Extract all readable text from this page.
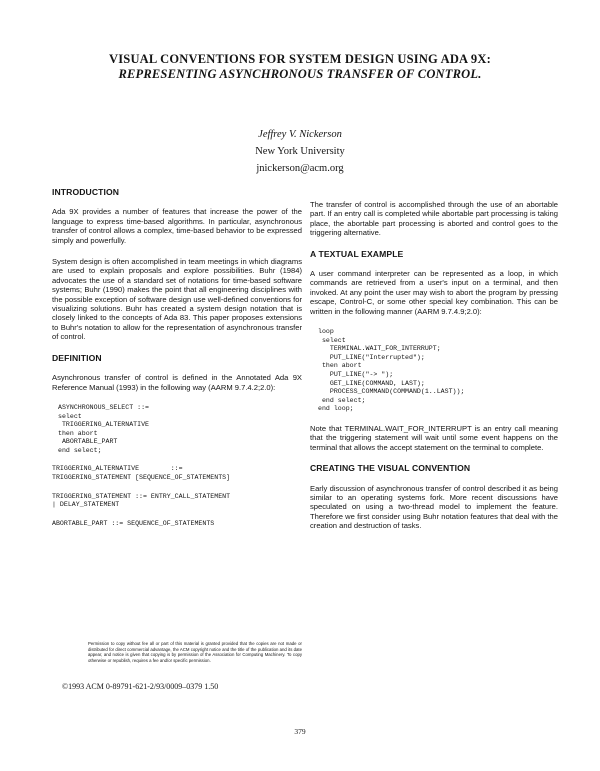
VISUAL CONVENTIONS FOR SYSTEM DESIGN USING ADA 9X:
REPRESENTING ASYNCHRONOUS TRANSFER OF CONTROL.
Jeffrey V. Nickerson
New York University
jnickerson@acm.org
INTRODUCTION

Ada 9X provides a number of features that increase the power of the language to express time-based algorithms. In particular, asynchronous transfer of control allows a complex, time-based behavior to be expressed simply and powerfully.

System design is often accomplished in team meetings in which diagrams are used to explain proposals and explore possibilities. Buhr (1984) advocates the use of a standard set of notations for time-based software systems; Buhr (1990) makes the point that all engineering disciplines with the possible exception of software design use well-defined conventions for visualizing solutions. Buhr has created a system design notation that is closely linked to the concepts of Ada 83. This paper proposes extensions to Buhr's notation to allow for the representation of asynchronous transfer of control.

DEFINITION

Asynchronous transfer of control is defined in the Annotated Ada 9X Reference Manual (1993) in the following way (AARM 9.7.4.2;2.0):

ASYNCHRONOUS_SELECT ::=
select
TRIGGERING_ALTERNATIVE
then abort
ABORTABLE_PART
end select;
TRIGGERING_ALTERNATIVE        ::=
TRIGGERING_STATEMENT [SEQUENCE_OF_STATEMENTS]
TRIGGERING_STATEMENT ::= ENTRY_CALL_STATEMENT
| DELAY_STATEMENT
ABORTABLE_PART ::= SEQUENCE_OF_STATEMENTS

The transfer of control is accomplished through the use of an abortable part. If an entry call is completed while abortable part processing is taking place, the abortable part processing is aborted and control goes to the triggering alternative.

A TEXTUAL EXAMPLE

A user command interpreter can be represented as a loop, in which commands are retrieved from a user's input on a terminal, and then invoked. At any point the user may wish to abort the program by pressing escape, Control-C, or some other special key combination. This can be written in the following manner (AARM 9.7.4.9;2.0):

loop
select
TERMINAL.WAIT_FOR_INTERRUPT;
PUT_LINE("Interrupted");
then abort
PUT_LINE("-> ");
GET_LINE(COMMAND, LAST);
PROCESS_COMMAND(COMMAND(1..LAST));
end select;
end loop;

Note that TERMINAL.WAIT_FOR_INTERRUPT is an entry call meaning that the triggering statement will wait until some event happens on the terminal that allows the accept statement on the terminal to complete.

CREATING THE VISUAL CONVENTION

Early discussion of asynchronous transfer of control described it as being similar to an operating systems fork. More recent discussions have speculated on using a two-thread model to implement the feature. Therefore we first consider using Buhr notation features that deal with the creation and destruction of tasks.

Permission to copy without fee all or part of this material is granted provided that the copies are not made or distributed for direct commercial advantage, the ACM copyright notice and the title of the publication and its date appear, and notice is given that copying is by permission of the Association for Computing Machinery. To copy otherwise or republish, requires a fee and/or specific permission.
©1993 ACM 0-89791-621-2/93/0009–0379 1.50
379
